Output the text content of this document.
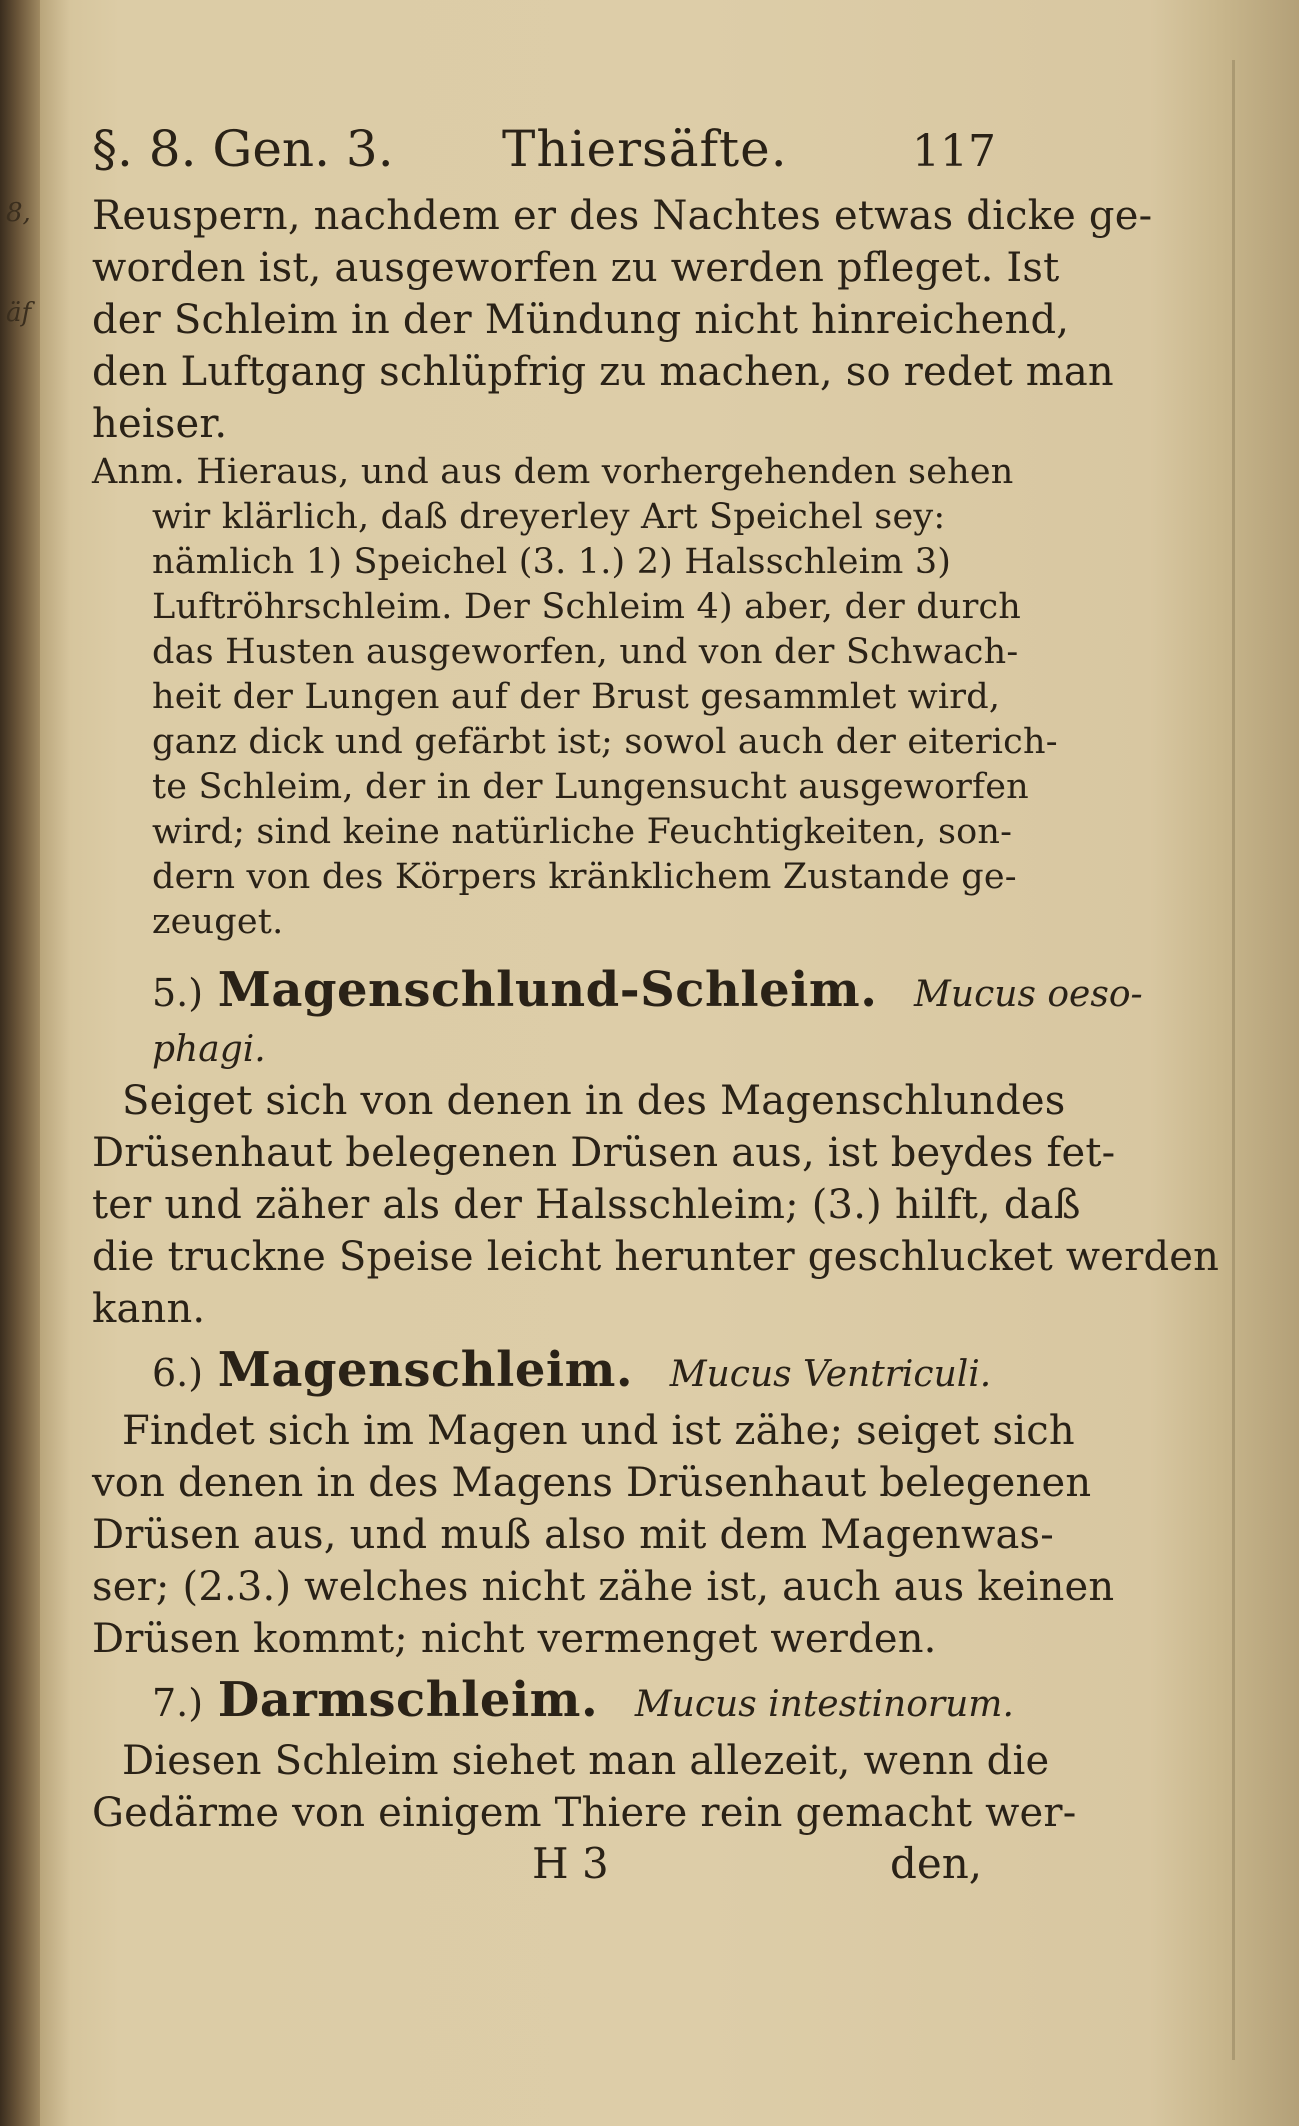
8,
äf
§. 8. Gen. 3. Thiersäfte.	117
Reuspern, nachdem er des Nachtes etwas dicke ge-
worden ist, ausgeworfen zu werden pfleget. Ist
der Schleim in der Mündung nicht hinreichend,
den Luftgang schlüpfrig zu machen, so redet man
heiser.
Anm. Hieraus, und aus dem vorhergehenden sehen
wir klärlich, daß dreyerley Art Speichel sey:
nämlich 1) Speichel (3. 1.) 2) Halsschleim 3)
Luftröhrschleim. Der Schleim 4) aber, der durch
das Husten ausgeworfen, und von der Schwach-
heit der Lungen auf der Brust gesammlet wird,
ganz dick und gefärbt ist; sowol auch der eiterich-
te Schleim, der in der Lungensucht ausgeworfen
wird; sind keine natürliche Feuchtigkeiten, son-
dern von des Körpers kränklichem Zustande ge-
zeuget.
5.) Magenschlund-Schleim. Mucus oeso-
phagi.
Seiget sich von denen in des Magenschlundes
Drüsenhaut belegenen Drüsen aus, ist beydes fet-
ter und zäher als der Halsschleim; (3.) hilft, daß
die truckne Speise leicht herunter geschlucket werden
kann.
6.) Magenschleim. Mucus Ventriculi.
Findet sich im Magen und ist zähe; seiget sich
von denen in des Magens Drüsenhaut belegenen
Drüsen aus, und muß also mit dem Magenwas-
ser; (2.3.) welches nicht zähe ist, auch aus keinen
Drüsen kommt; nicht vermenget werden.
7.) Darmschleim. Mucus intestinorum.
Diesen Schleim siehet man allezeit, wenn die
Gedärme von einigem Thiere rein gemacht wer-
H 3	den,
